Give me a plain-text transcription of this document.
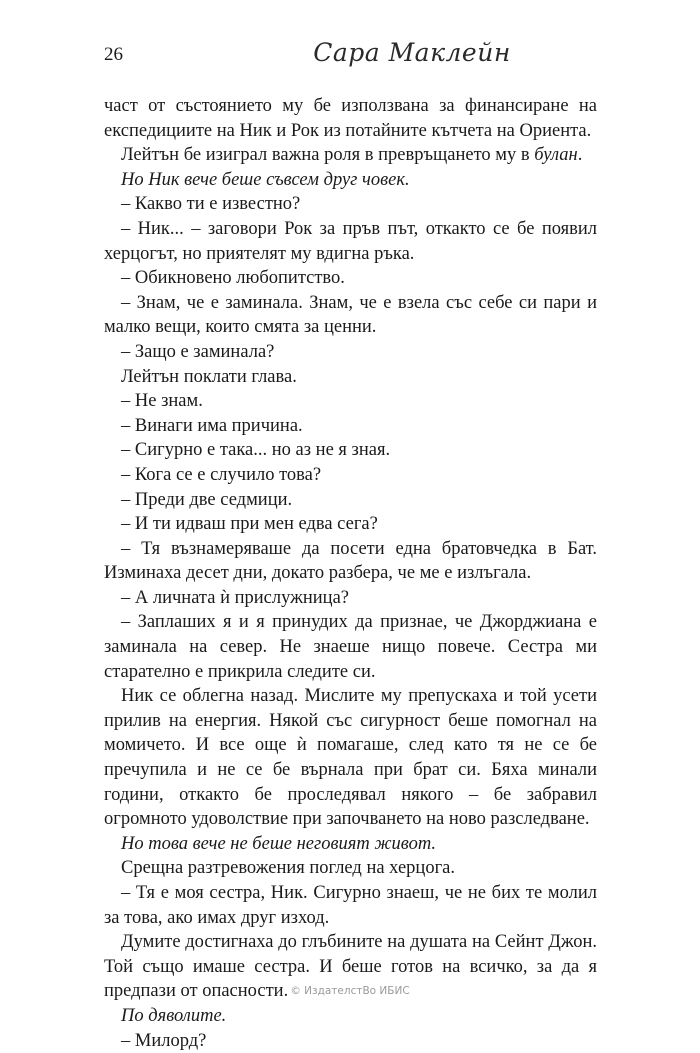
26	Сара Маклейн

част от състоянието му бе използвана за финансиране на експедициите на Ник и Рок из потайните кътчета на Ориента.

Лейтън бе изиграл важна роля в превръщането му в булан.

Но Ник вече беше съвсем друг човек.

– Какво ти е известно?

– Ник... – заговори Рок за пръв път, откакто се бе появил херцогът, но приятелят му вдигна ръка.

– Обикновено любопитство.

– Знам, че е заминала. Знам, че е взела със себе си пари и малко вещи, които смята за ценни.

– Защо е заминала?

Лейтън поклати глава.

– Не знам.

– Винаги има причина.

– Сигурно е така... но аз не я зная.

– Кога се е случило това?

– Преди две седмици.

– И ти идваш при мен едва сега?

– Тя възнамеряваше да посети една братовчедка в Бат. Изминаха десет дни, докато разбера, че ме е излъгала.

– А личната ѝ прислужница?

– Заплаших я и я принудих да признае, че Джорджиана е заминала на север. Не знаеше нищо повече. Сестра ми старателно е прикрила следите си.

Ник се облегна назад. Мислите му препускаха и той усети прилив на енергия. Някой със сигурност беше помогнал на момичето. И все още ѝ помагаше, след като тя не се бе пречупила и не се бе върнала при брат си. Бяха минали години, откакто бе проследявал някого – бе забравил огромното удоволствие при започването на ново разследване.

Но това вече не беше неговият живот.

Срещна разтревожения поглед на херцога.

– Тя е моя сестра, Ник. Сигурно знаеш, че не бих те молил за това, ако имах друг изход.

Думите достигнаха до глъбините на душата на Сейнт Джон. Той също имаше сестра. И беше готов на всичко, за да я предпази от опасности.

По дяволите.

– Милорд?

© ИздателстВо ИБИС
